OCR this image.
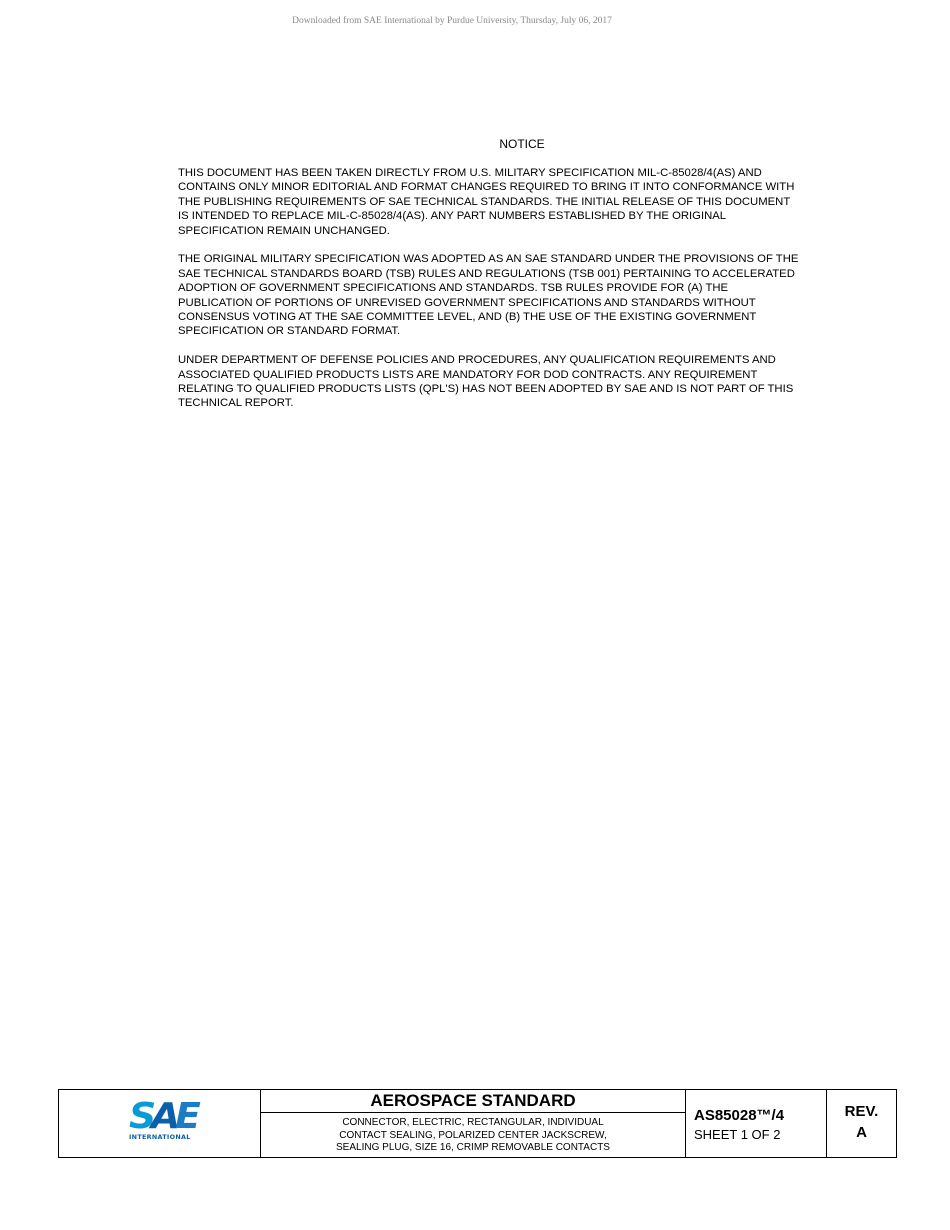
Downloaded from SAE International by Purdue University, Thursday, July 06, 2017
NOTICE

THIS DOCUMENT HAS BEEN TAKEN DIRECTLY FROM U.S. MILITARY SPECIFICATION MIL-C-85028/4(AS) AND
CONTAINS ONLY MINOR EDITORIAL AND FORMAT CHANGES REQUIRED TO BRING IT INTO CONFORMANCE WITH
THE PUBLISHING REQUIREMENTS OF SAE TECHNICAL STANDARDS. THE INITIAL RELEASE OF THIS DOCUMENT
IS INTENDED TO REPLACE MIL-C-85028/4(AS). ANY PART NUMBERS ESTABLISHED BY THE ORIGINAL
SPECIFICATION REMAIN UNCHANGED.

THE ORIGINAL MILITARY SPECIFICATION WAS ADOPTED AS AN SAE STANDARD UNDER THE PROVISIONS OF THE
SAE TECHNICAL STANDARDS BOARD (TSB) RULES AND REGULATIONS (TSB 001) PERTAINING TO ACCELERATED
ADOPTION OF GOVERNMENT SPECIFICATIONS AND STANDARDS. TSB RULES PROVIDE FOR (A) THE
PUBLICATION OF PORTIONS OF UNREVISED GOVERNMENT SPECIFICATIONS AND STANDARDS WITHOUT
CONSENSUS VOTING AT THE SAE COMMITTEE LEVEL, AND (B) THE USE OF THE EXISTING GOVERNMENT
SPECIFICATION OR STANDARD FORMAT.

UNDER DEPARTMENT OF DEFENSE POLICIES AND PROCEDURES, ANY QUALIFICATION REQUIREMENTS AND
ASSOCIATED QUALIFIED PRODUCTS LISTS ARE MANDATORY FOR DOD CONTRACTS. ANY REQUIREMENT
RELATING TO QUALIFIED PRODUCTS LISTS (QPL'S) HAS NOT BEEN ADOPTED BY SAE AND IS NOT PART OF THIS
TECHNICAL REPORT.

SAE
INTERNATIONAL
AEROSPACE STANDARD
CONNECTOR, ELECTRIC, RECTANGULAR, INDIVIDUAL
CONTACT SEALING, POLARIZED CENTER JACKSCREW,
SEALING PLUG, SIZE 16, CRIMP REMOVABLE CONTACTS
AS85028™/4
SHEET 1 OF 2
REV.
A
